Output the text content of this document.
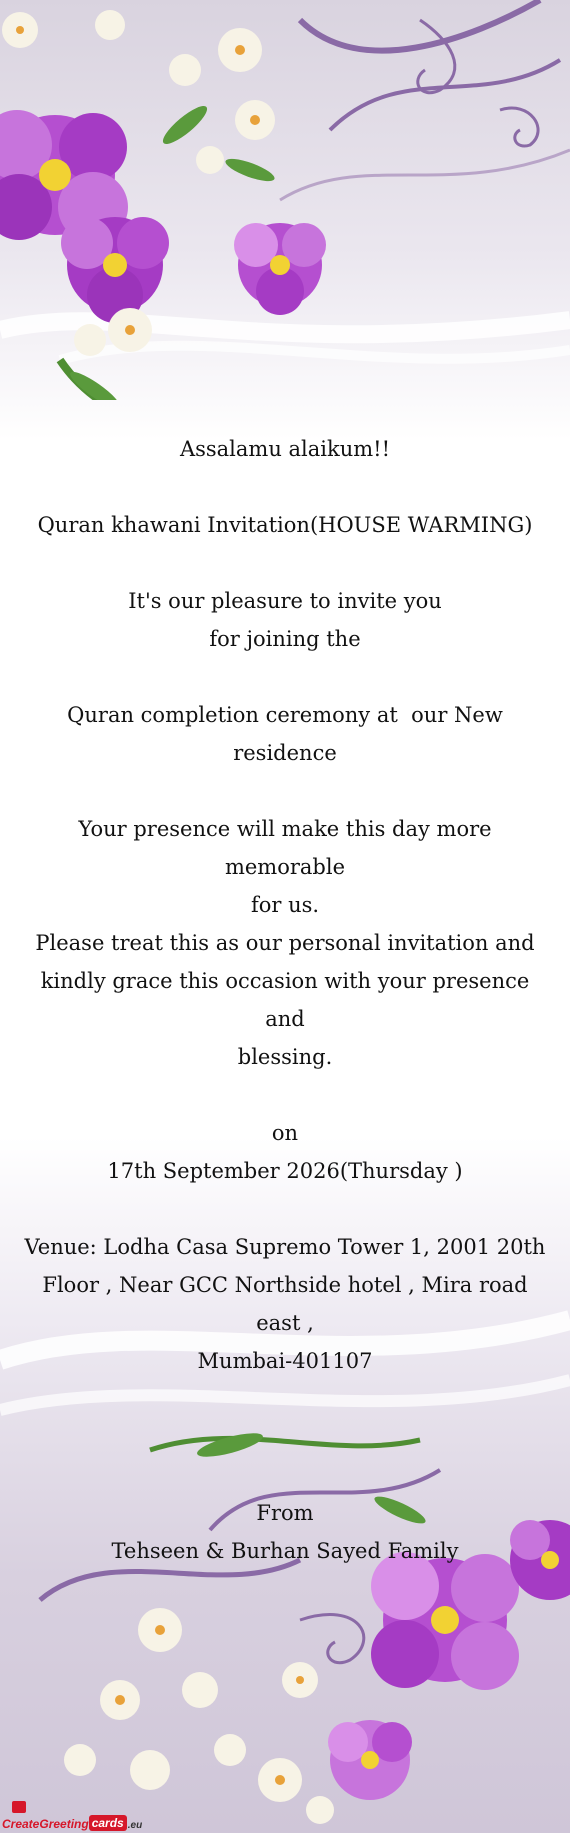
Assalamu alaikum!!
Quran khawani Invitation(HOUSE WARMING)
It's our pleasure to invite you
for joining the
Quran completion ceremony at  our New residence
Your presence will make this day more memorable
for us.
Please treat this as our personal invitation and
kindly grace this occasion with your presence and
blessing.
on
17th September 2026(Thursday )
Venue: Lodha Casa Supremo Tower 1, 2001 20th
Floor , Near GCC Northside hotel , Mira road east ,
Mumbai-401107
From
Tehseen & Burhan Sayed Family
CreateGreeting cards .eu
